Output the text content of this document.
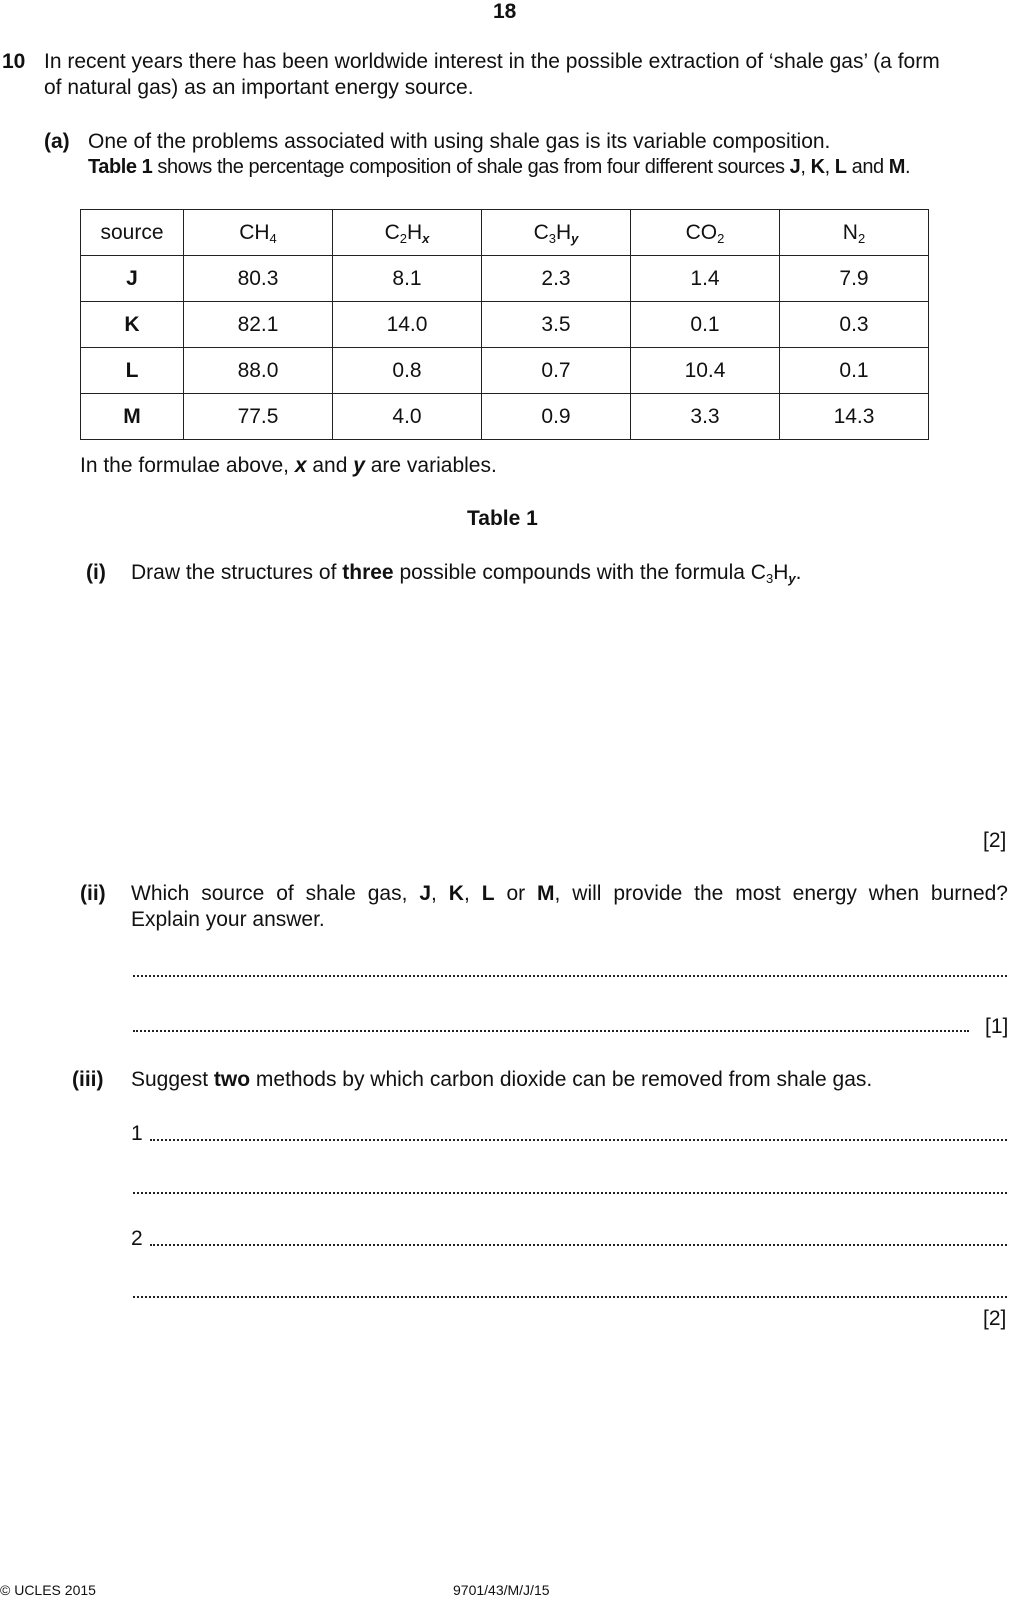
18
10 In recent years there has been worldwide interest in the possible extraction of ‘shale gas’ (a form
of natural gas) as an important energy source.
(a) One of the problems associated with using shale gas is its variable composition.
Table 1 shows the percentage composition of shale gas from four different sources J, K, L and M.
source	$CH_4$	$C_2H_x$	$C_3H_y$	$CO_2$	$N_2$
J	80.3	8.1	2.3	1.4	7.9
K	82.1	14.0	3.5	0.1	0.3
L	88.0	0.8	0.7	10.4	0.1
M	77.5	4.0	0.9	3.3	14.3
In the formulae above, x and y are variables.
Table 1
(i) Draw the structures of three possible compounds with the formula $C_3H_y$.
[2]
(ii) Which source of shale gas, J, K, L or M, will provide the most energy when burned?
Explain your answer.
[1]
(iii) Suggest two methods by which carbon dioxide can be removed from shale gas.
1
2
[2]
© UCLES 2015	9701/43/M/J/15
